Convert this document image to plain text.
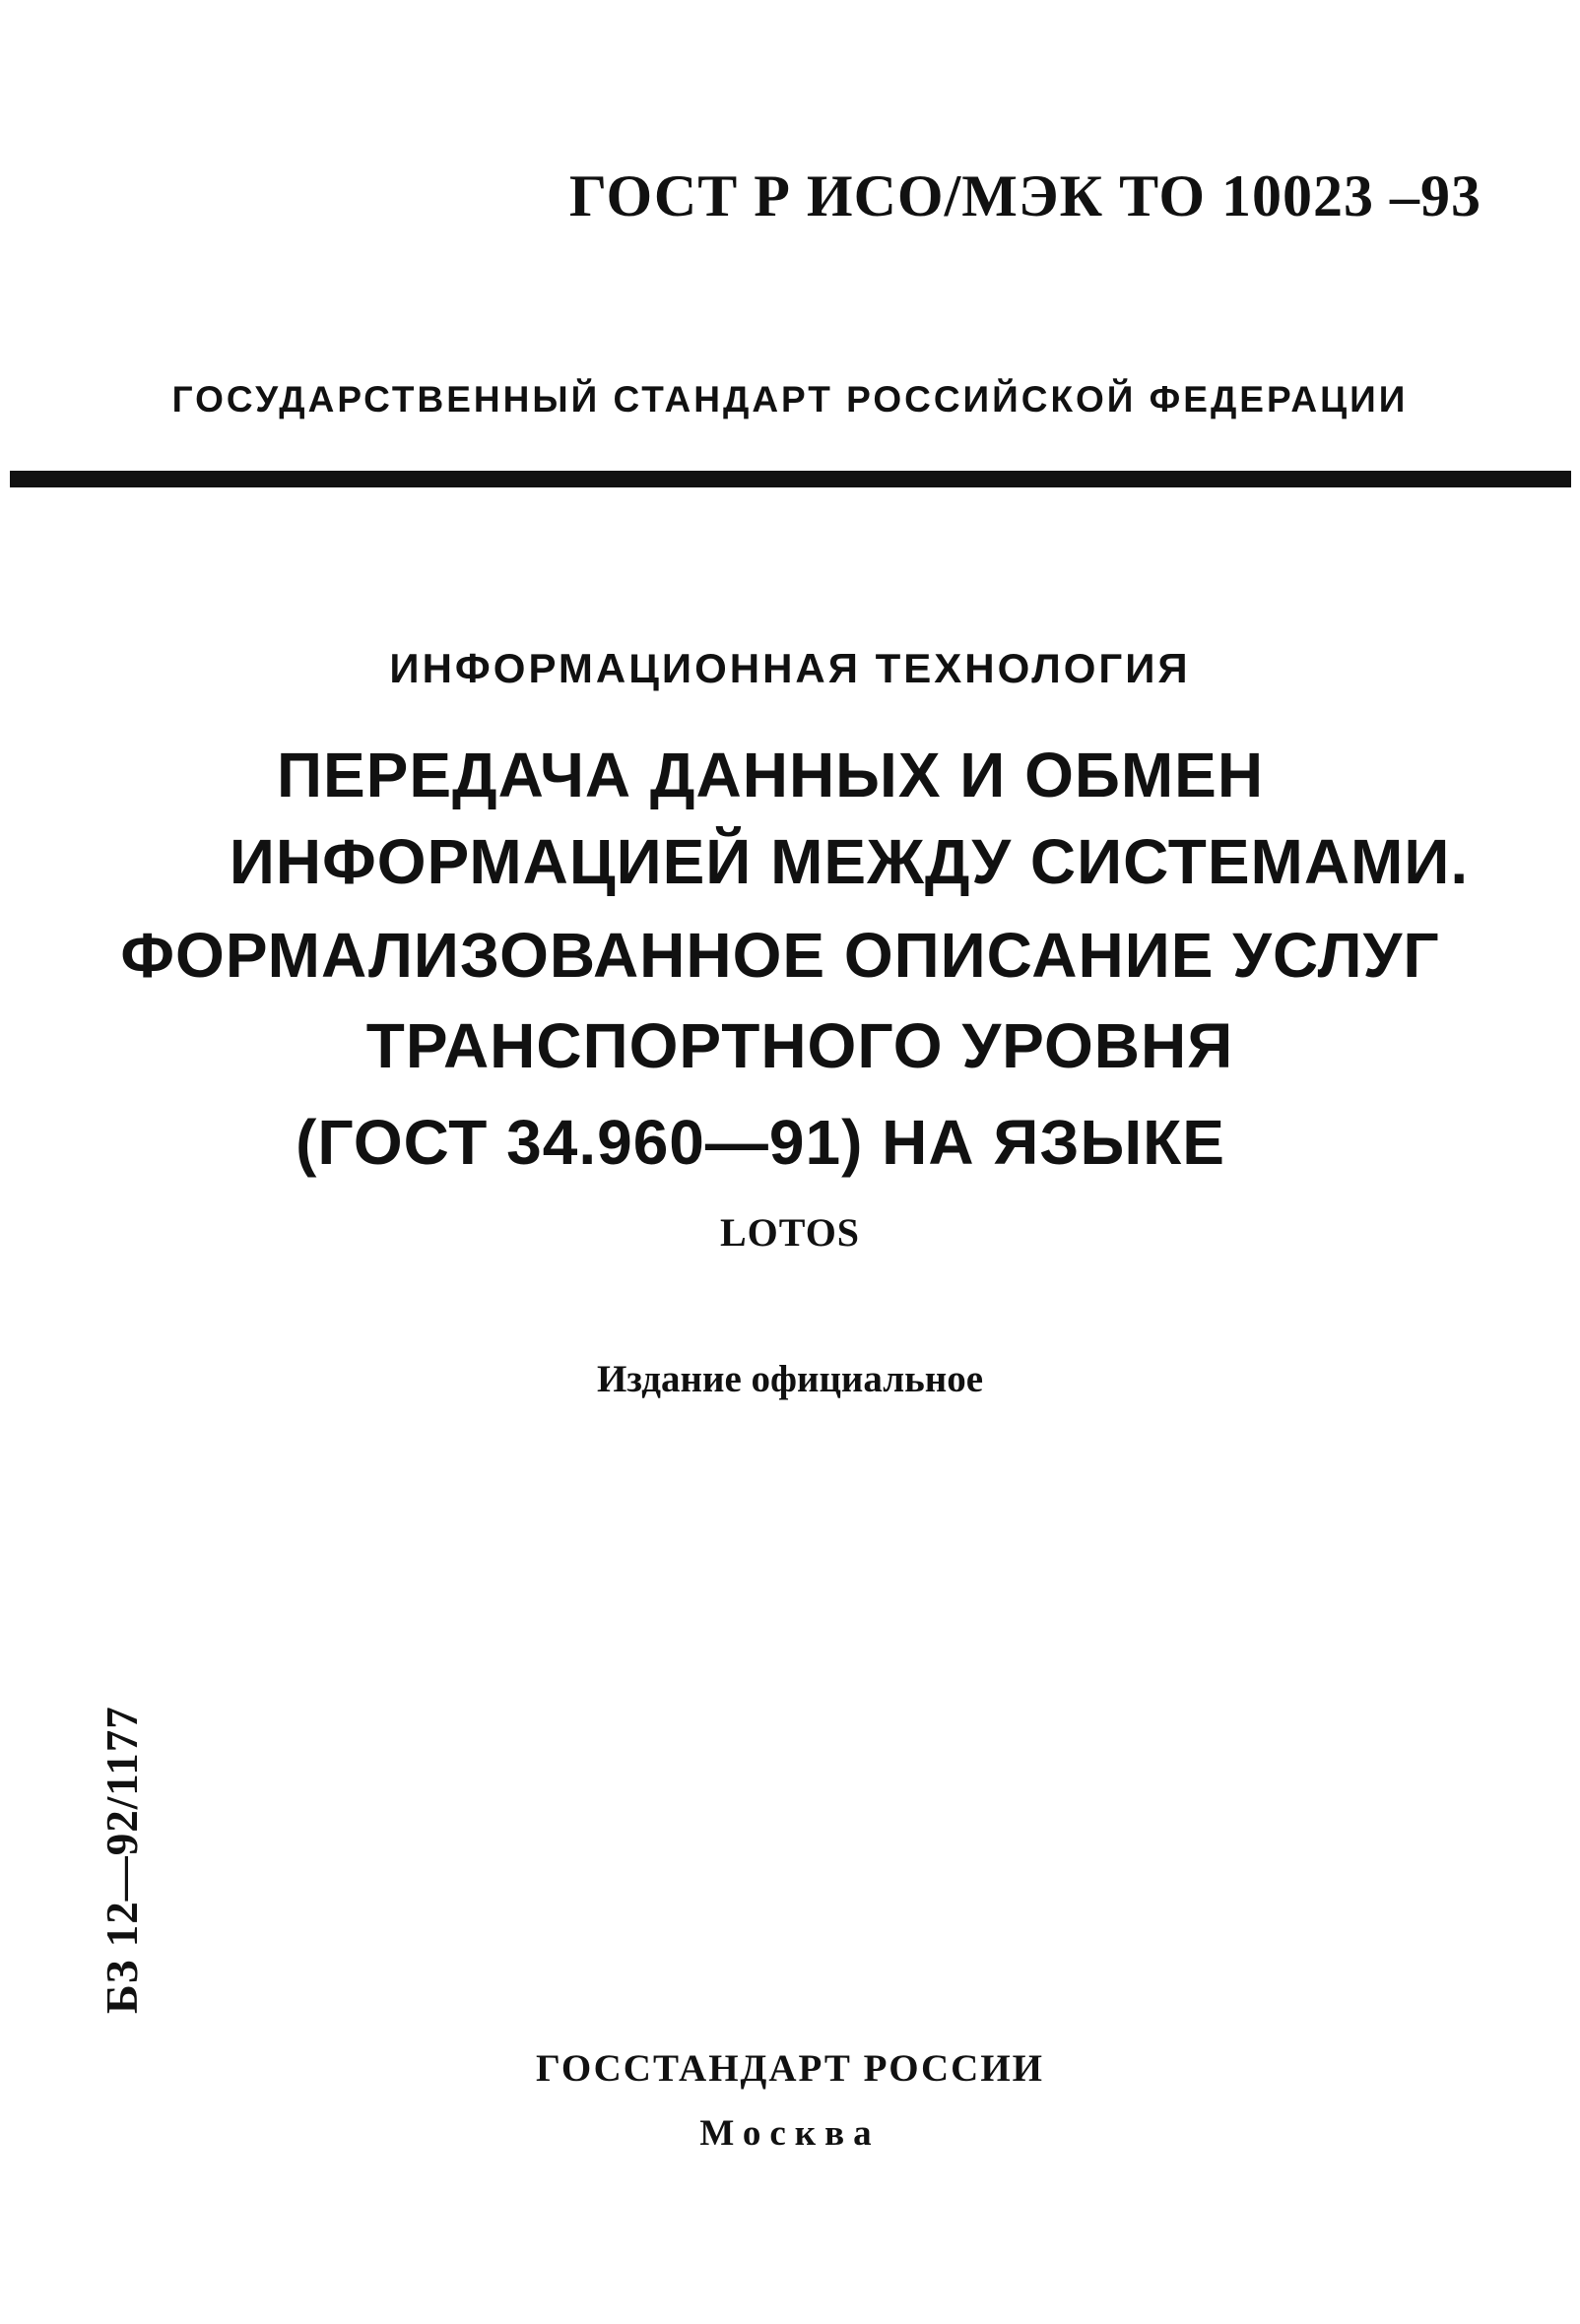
ГОСТ Р ИСО/МЭК ТО 10023 –93
ГОСУДАРСТВЕННЫЙ СТАНДАРТ РОССИЙСКОЙ ФЕДЕРАЦИИ
ИНФОРМАЦИОННАЯ ТЕХНОЛОГИЯ
ПЕРЕДАЧА ДАННЫХ И ОБМЕН
ИНФОРМАЦИЕЙ МЕЖДУ СИСТЕМАМИ.
ФОРМАЛИЗОВАННОЕ ОПИСАНИЕ УСЛУГ
ТРАНСПОРТНОГО УРОВНЯ
(ГОСТ 34.960—91) НА ЯЗЫКЕ
LOTOS
Издание официальное
БЗ 12—92/1177
ГОССТАНДАРТ РОССИИ
Москва
